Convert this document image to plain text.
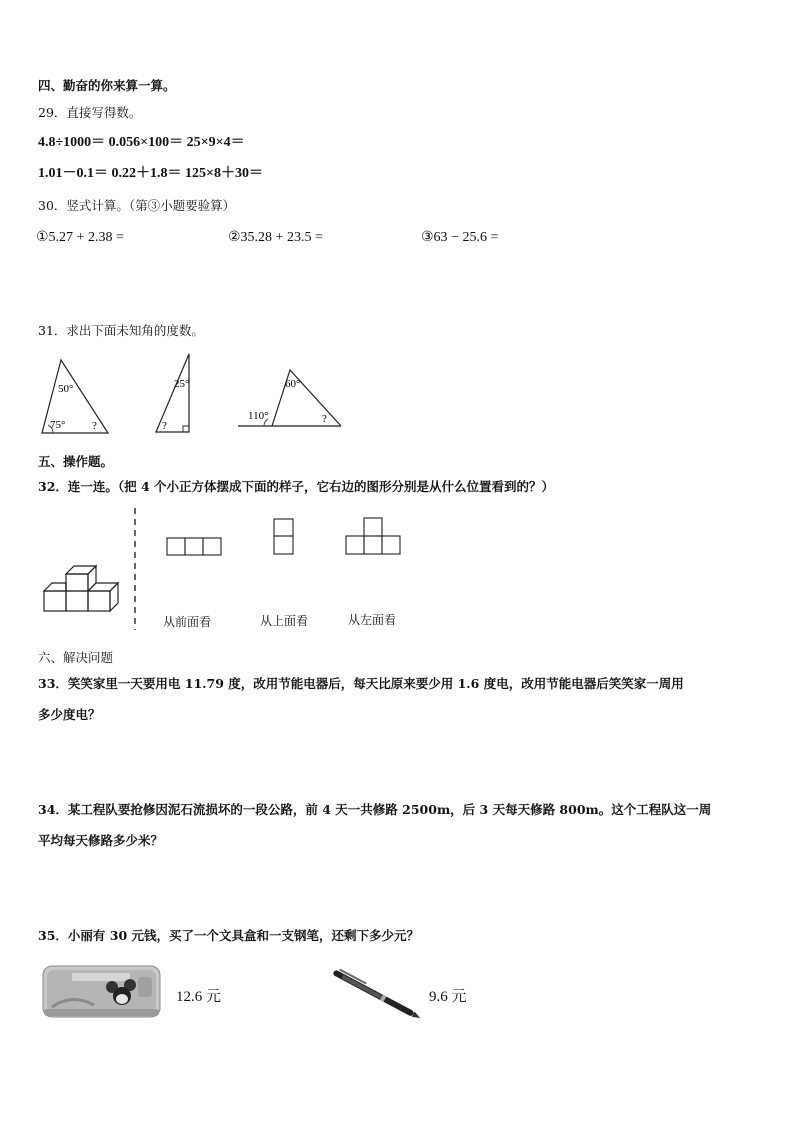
四、勤奋的你来算一算。
29．直接写得数。
4.8÷1000＝ 0.056×100＝ 25×9×4＝
1.01－0.1＝ 0.22＋1.8＝ 125×8＋30＝
30．竖式计算。（第③小题要验算）
①5.27 + 2.38 =	②35.28 + 23.5 =	③63 − 25.6 =
31．求出下面未知角的度数。
50°
75° ?
25°
?
60°
110°	?
五、操作题。
32．连一连。（把 4 个小正方体摆成下面的样子，它右边的图形分别是从什么位置看到的？）
从前面看	从上面看	从左面看
六、解决问题
33．笑笑家里一天要用电 11.79 度，改用节能电器后，每天比原来要少用 1.6 度电，改用节能电器后笑笑家一周用
多少度电？
34．某工程队要抢修因泥石流损坏的一段公路，前 4 天一共修路 2500m，后 3 天每天修路 800m。这个工程队这一周
平均每天修路多少米？
35．小丽有 30 元钱，买了一个文具盒和一支钢笔，还剩下多少元？
12.6 元	9.6 元
